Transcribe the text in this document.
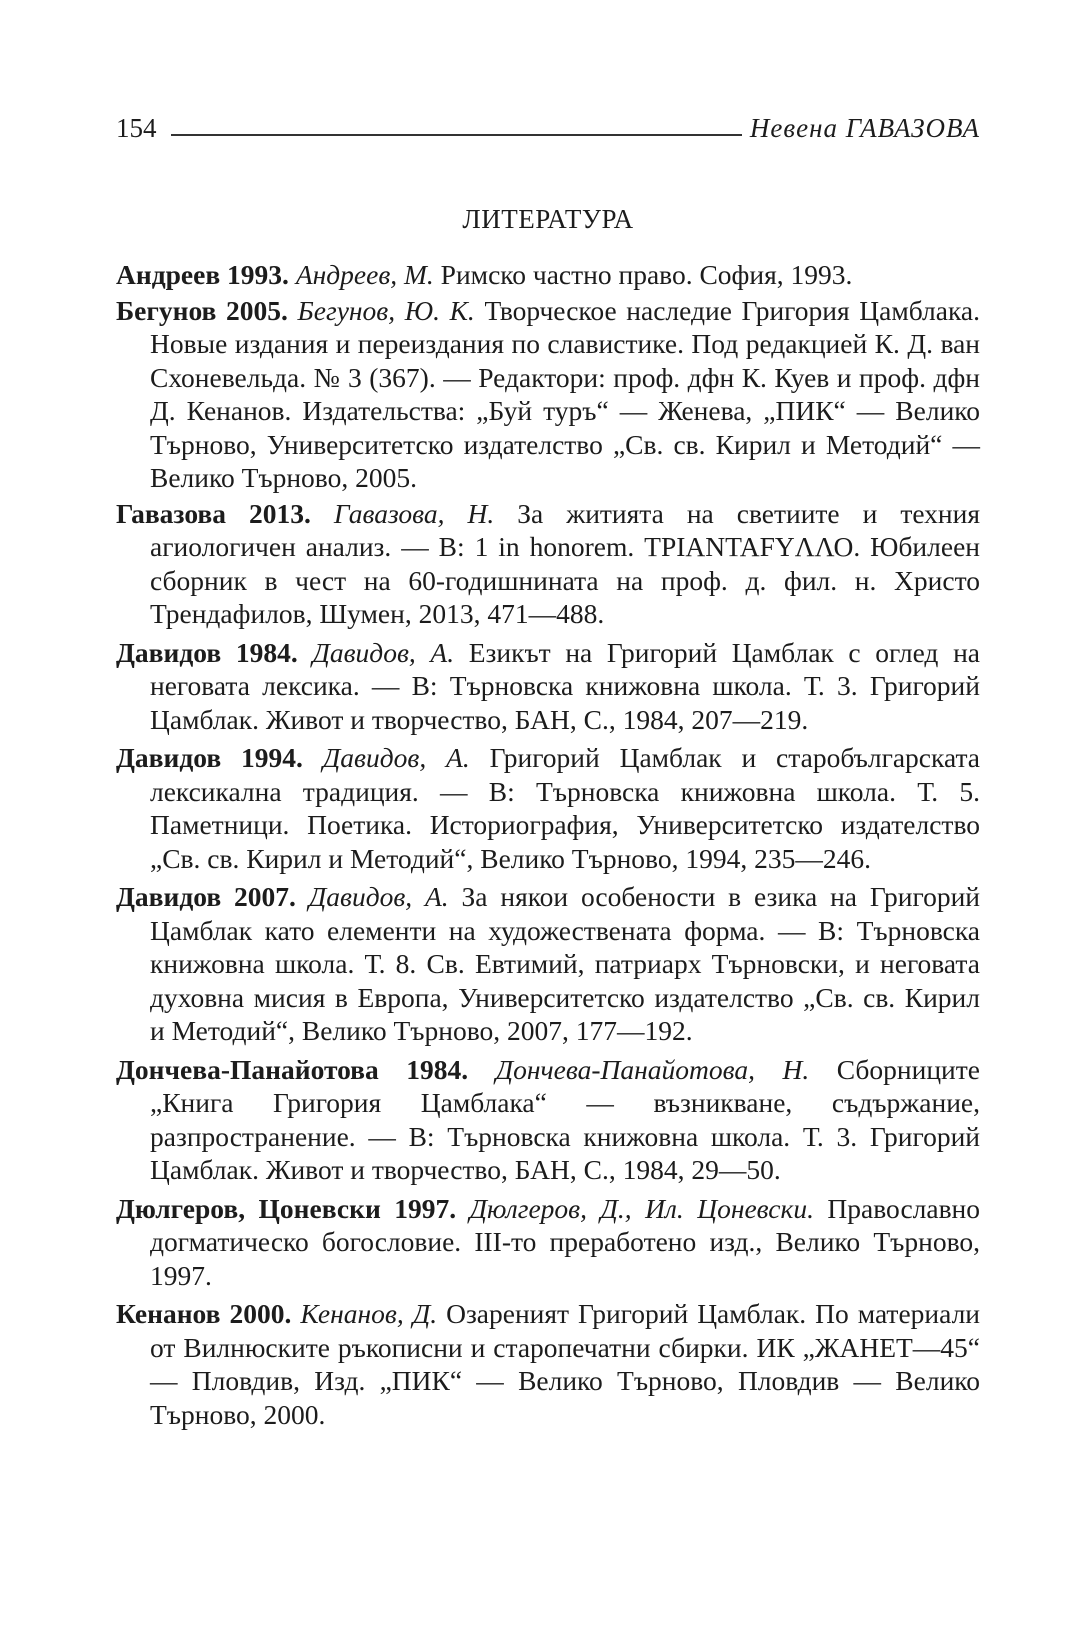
154	Невена ГАВАЗОВА
ЛИТЕРАТУРА

Андреев 1993. Андреев, М. Римско частно право. София, 1993.

Бегунов 2005. Бегунов, Ю. К. Творческое наследие Григория Цамблака. Новые издания и переиздания по славистике. Под редакцией К. Д. ван Схоневельда. № 3 (367). — Редактори: проф. дфн К. Куев и проф. дфн Д. Кенанов. Издательства: „Буй туръ“ — Женева, „ПИК“ — Велико Търново, Университетско издателство „Св. св. Кирил и Методий“ — Велико Търново, 2005.

Гавазова 2013. Гавазова, Н. За житията на светиите и техния агиологичен анализ. — В: 1 in honorem. ΤΡΙΑΝΤΑFYΛΛΟ. Юбилеен сборник в чест на 60-годишнината на проф. д. фил. н. Христо Трендафилов, Шумен, 2013, 471—488.

Давидов 1984. Давидов, А. Езикът на Григорий Цамблак с оглед на неговата лексика. — В: Търновска книжовна школа. Т. 3. Григорий Цамблак. Живот и творчество, БАН, С., 1984, 207—219.

Давидов 1994. Давидов, А. Григорий Цамблак и старобългарската лексикална традиция. — В: Търновска книжовна школа. Т. 5. Паметници. Поетика. Историография, Университетско издателство „Св. св. Кирил и Методий“, Велико Търново, 1994, 235—246.

Давидов 2007. Давидов, А. За някои особености в езика на Григорий Цамблак като елементи на художествената форма. — В: Търновска книжовна школа. Т. 8. Св. Евтимий, патриарх Търновски, и неговата духовна мисия в Европа, Университетско издателство „Св. св. Кирил и Методий“, Велико Търново, 2007, 177—192.

Дончева-Панайотова 1984. Дончева-Панайотова, Н. Сборниците „Книга Григория Цамблака“ — възникване, съдържание, разпространение. — В: Търновска книжовна школа. Т. 3. Григорий Цамблак. Живот и творчество, БАН, С., 1984, 29—50.

Дюлгеров, Цоневски 1997. Дюлгеров, Д., Ил. Цоневски. Православно догматическо богословие. III-то преработено изд., Велико Търново, 1997.

Кенанов 2000. Кенанов, Д. Озареният Григорий Цамблак. По материали от Вилнюските ръкописни и старопечатни сбирки. ИК „ЖАНЕТ—45“ — Пловдив, Изд. „ПИК“ — Велико Търново, Пловдив — Велико Търново, 2000.
